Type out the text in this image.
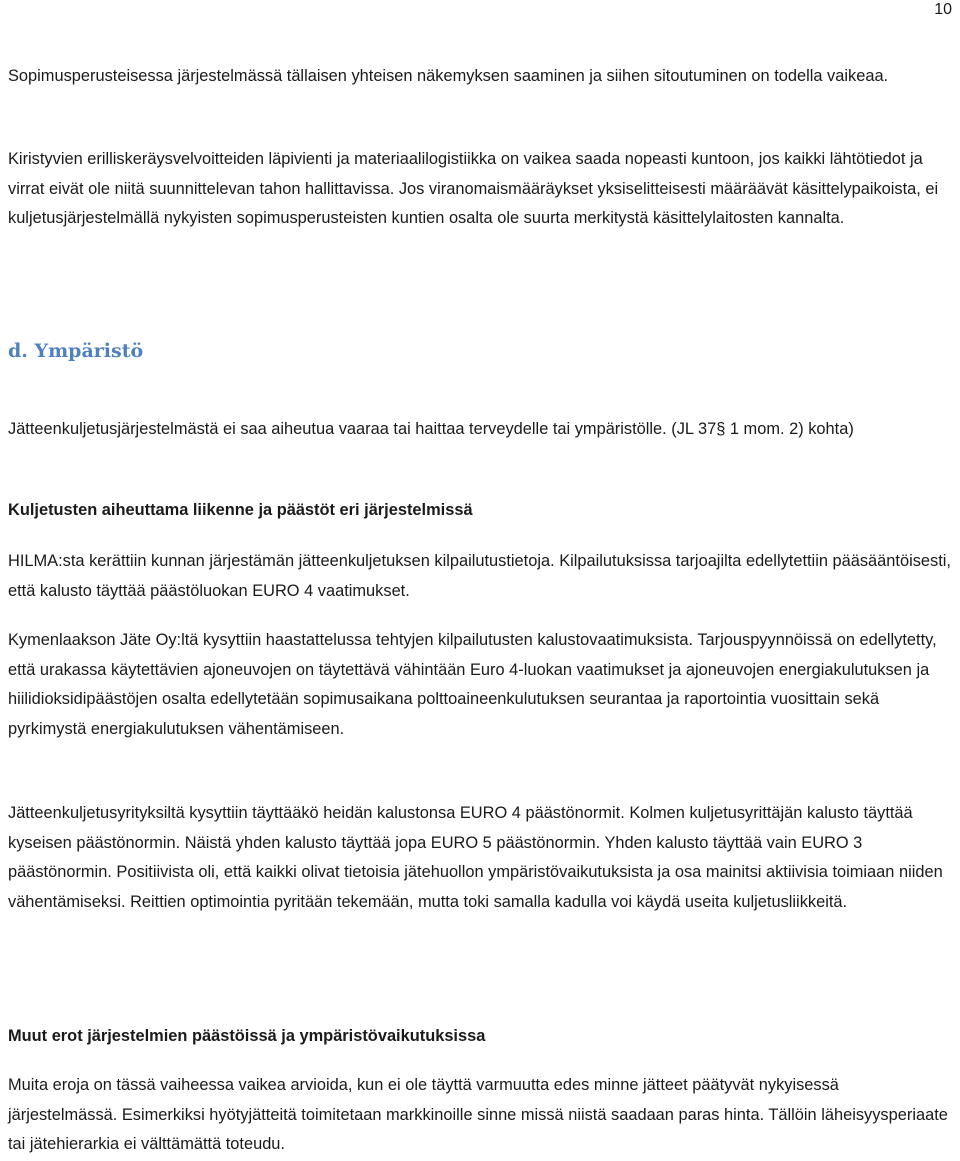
10

Sopimusperusteisessa järjestelmässä tällaisen yhteisen näkemyksen saaminen ja siihen sitoutuminen on todella vaikeaa.

Kiristyvien erilliskeräysvelvoitteiden läpivienti ja materiaalilogistiikka on vaikea saada nopeasti kuntoon, jos kaikki lähtötiedot ja virrat eivät ole niitä suunnittelevan tahon hallittavissa. Jos viranomaismääräykset yksiselitteisesti määräävät käsittelypaikoista, ei kuljetusjärjestelmällä nykyisten sopimusperusteisten kuntien osalta ole suurta merkitystä käsittelylaitosten kannalta.

d. Ympäristö

Jätteenkuljetusjärjestelmästä ei saa aiheutua vaaraa tai haittaa terveydelle tai ympäristölle. (JL 37§ 1 mom. 2) kohta)

Kuljetusten aiheuttama liikenne ja päästöt eri järjestelmissä

HILMA:sta kerättiin kunnan järjestämän jätteenkuljetuksen kilpailutustietoja. Kilpailutuksissa tarjoajilta edellytettiin pääsääntöisesti, että kalusto täyttää päästöluokan EURO 4 vaatimukset.

Kymenlaakson Jäte Oy:ltä kysyttiin haastattelussa tehtyjen kilpailutusten kalustovaatimuksista. Tarjouspyynnöissä on edellytetty, että urakassa käytettävien ajoneuvojen on täytettävä vähintään Euro 4-luokan vaatimukset ja ajoneuvojen energiakulutuksen ja hiilidioksidipäästöjen osalta edellytetään sopimusaikana polttoaineenkulutuksen seurantaa ja raportointia vuosittain sekä pyrkimystä energiakulutuksen vähentämiseen.

Jätteenkuljetusyrityksiltä kysyttiin täyttääkö heidän kalustonsa EURO 4 päästönormit. Kolmen kuljetusyrittäjän kalusto täyttää kyseisen päästönormin. Näistä yhden kalusto täyttää jopa EURO 5 päästönormin. Yhden kalusto täyttää vain EURO 3 päästönormin. Positiivista oli, että kaikki olivat tietoisia jätehuollon ympäristövaikutuksista ja osa mainitsi aktiivisia toimiaan niiden vähentämiseksi. Reittien optimointia pyritään tekemään, mutta toki samalla kadulla voi käydä useita kuljetusliikkeitä.

Muut erot järjestelmien päästöissä ja ympäristövaikutuksissa

Muita eroja on tässä vaiheessa vaikea arvioida, kun ei ole täyttä varmuutta edes minne jätteet päätyvät nykyisessä järjestelmässä. Esimerkiksi hyötyjätteitä toimitetaan markkinoille sinne missä niistä saadaan paras hinta. Tällöin läheisyysperiaate tai jätehierarkia ei välttämättä toteudu.
